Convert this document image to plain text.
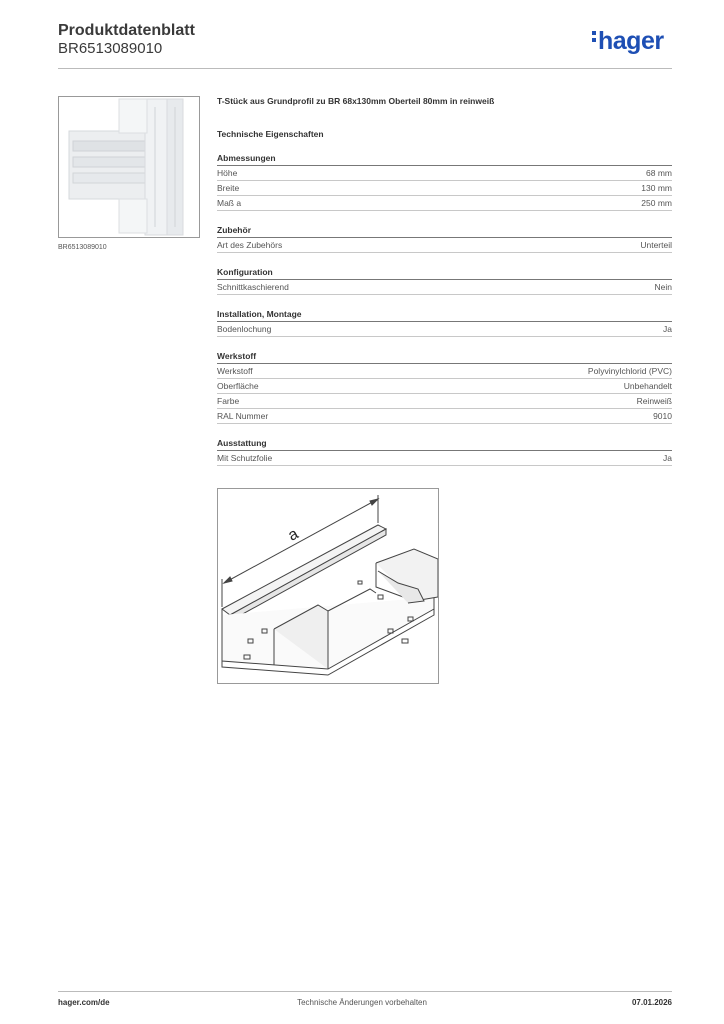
Produktdatenblatt
BR6513089010	hager
BR6513089010
T-Stück aus Grundprofil zu BR 68x130mm Oberteil 80mm in reinweiß
Technische Eigenschaften
Abmessungen
Höhe	68 mm
Breite	130 mm
Maß a	250 mm
Zubehör
Art des Zubehörs	Unterteil
Konfiguration
Schnittkaschierend	Nein
Installation, Montage
Bodenlochung	Ja
Werkstoff
Werkstoff	Polyvinylchlorid (PVC)
Oberfläche	Unbehandelt
Farbe	Reinweiß
RAL Nummer	9010
Ausstattung
Mit Schutzfolie	Ja
a
hager.com/de	Technische Änderungen vorbehalten	07.01.2026
